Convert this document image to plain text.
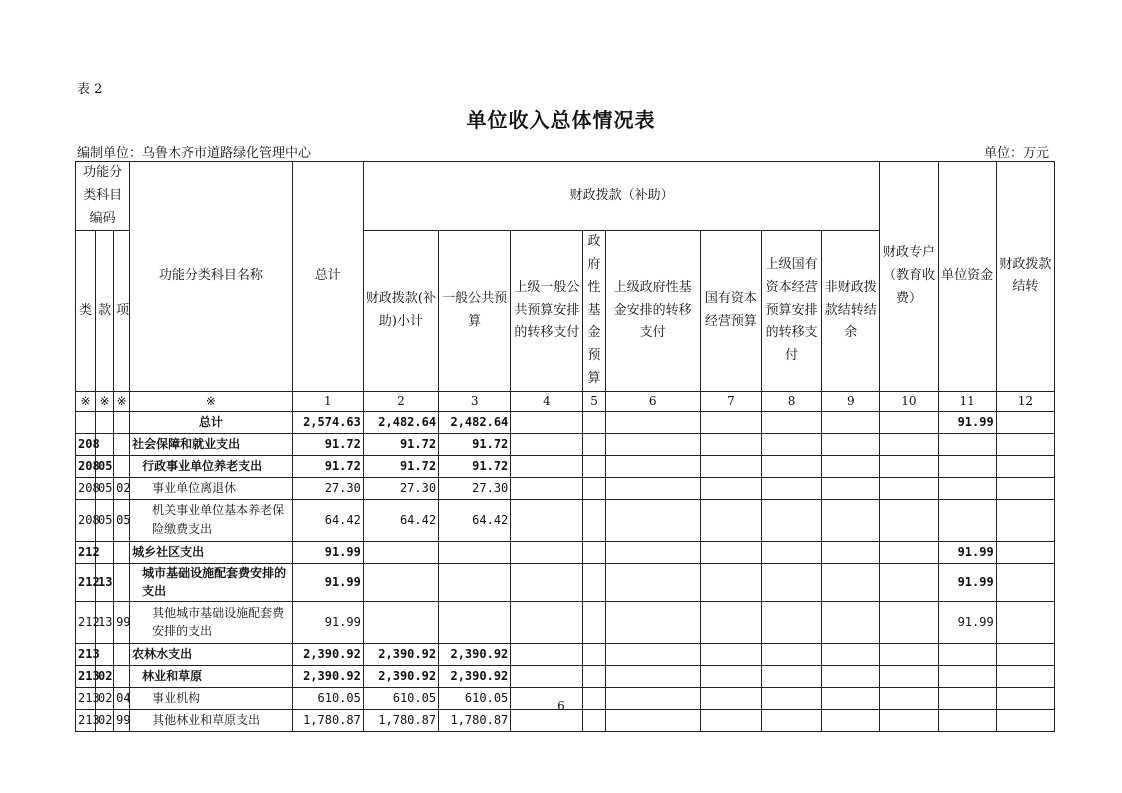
表 2
单位收入总体情况表
编制单位：乌鲁木齐市道路绿化管理中心	单位：万元
功能分类科目编码			功能分类科目名称	总计	财政拨款（补助）								财政专户（教育收费）	单位资金	财政拨款结转
类	款	项			财政拨款(补助)小计	一般公共预算	上级一般公共预算安排的转移支付	政府性基金预算	上级政府性基金安排的转移支付	国有资本经营预算	上级国有资本经营预算安排的转移支付	非财政拨款结转结余			
※	※	※	※	1	2	3	4	5	6	7	8	9	10	11	12
			总计	2,574.63	2,482.64	2,482.64								91.99	
208			社会保障和就业支出	91.72	91.72	91.72									
208	05		行政事业单位养老支出	91.72	91.72	91.72									
208	05	02	事业单位离退休	27.30	27.30	27.30									
208	05	05	机关事业单位基本养老保险缴费支出	64.42	64.42	64.42									
212			城乡社区支出	91.99										91.99	
212	13		城市基础设施配套费安排的支出	91.99										91.99	
212	13	99	其他城市基础设施配套费安排的支出	91.99										91.99	
213			农林水支出	2,390.92	2,390.92	2,390.92									
213	02		林业和草原	2,390.92	2,390.92	2,390.92									
213	02	04	事业机构	610.05	610.05	610.05									
213	02	99	其他林业和草原支出	1,780.87	1,780.87	1,780.87									
6
